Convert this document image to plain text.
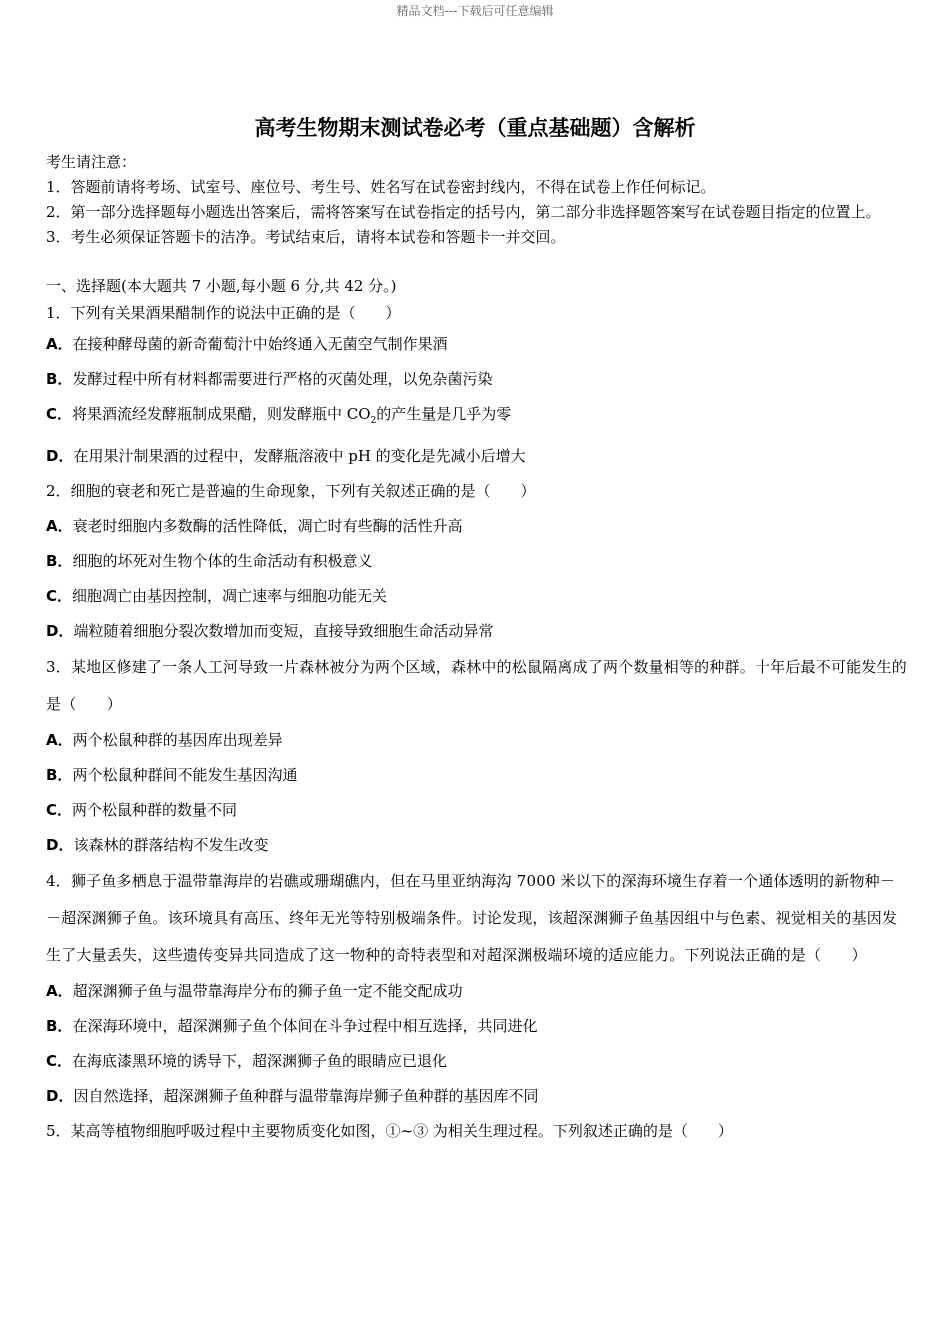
精品文档---下载后可任意编辑
高考生物期末测试卷必考（重点基础题）含解析
考生请注意：
1．答题前请将考场、试室号、座位号、考生号、姓名写在试卷密封线内，不得在试卷上作任何标记。
2．第一部分选择题每小题选出答案后，需将答案写在试卷指定的括号内，第二部分非选择题答案写在试卷题目指定的位置上。
3．考生必须保证答题卡的洁净。考试结束后，请将本试卷和答题卡一并交回。
一、选择题(本大题共 7 小题,每小题 6 分,共 42 分。)
1．下列有关果酒果醋制作的说法中正确的是（　　）
A．在接种酵母菌的新奇葡萄汁中始终通入无菌空气制作果酒
B．发酵过程中所有材料都需要进行严格的灭菌处理，以免杂菌污染
C．将果酒流经发酵瓶制成果醋，则发酵瓶中 $CO_2$的产生量是几乎为零
D．在用果汁制果酒的过程中，发酵瓶溶液中 pH 的变化是先减小后增大
2．细胞的衰老和死亡是普遍的生命现象，下列有关叙述正确的是（　　）
A．衰老时细胞内多数酶的活性降低，凋亡时有些酶的活性升高
B．细胞的坏死对生物个体的生命活动有积极意义
C．细胞凋亡由基因控制，凋亡速率与细胞功能无关
D．端粒随着细胞分裂次数增加而变短，直接导致细胞生命活动异常
3．某地区修建了一条人工河导致一片森林被分为两个区域，森林中的松鼠隔离成了两个数量相等的种群。十年后最不可能发生的是（　　）
A．两个松鼠种群的基因库出现差异
B．两个松鼠种群间不能发生基因沟通
C．两个松鼠种群的数量不同
D．该森林的群落结构不发生改变
4．狮子鱼多栖息于温带靠海岸的岩礁或珊瑚礁内，但在马里亚纳海沟 7000 米以下的深海环境生存着一个通体透明的新物种－－超深渊狮子鱼。该环境具有高压、终年无光等特别极端条件。讨论发现，该超深渊狮子鱼基因组中与色素、视觉相关的基因发生了大量丢失，这些遗传变异共同造成了这一物种的奇特表型和对超深渊极端环境的适应能力。下列说法正确的是（　　）
A．超深渊狮子鱼与温带靠海岸分布的狮子鱼一定不能交配成功
B．在深海环境中，超深渊狮子鱼个体间在斗争过程中相互选择，共同进化
C．在海底漆黑环境的诱导下，超深渊狮子鱼的眼睛应已退化
D．因自然选择，超深渊狮子鱼种群与温带靠海岸狮子鱼种群的基因库不同
5．某高等植物细胞呼吸过程中主要物质变化如图，①~③ 为相关生理过程。下列叙述正确的是（　　）
